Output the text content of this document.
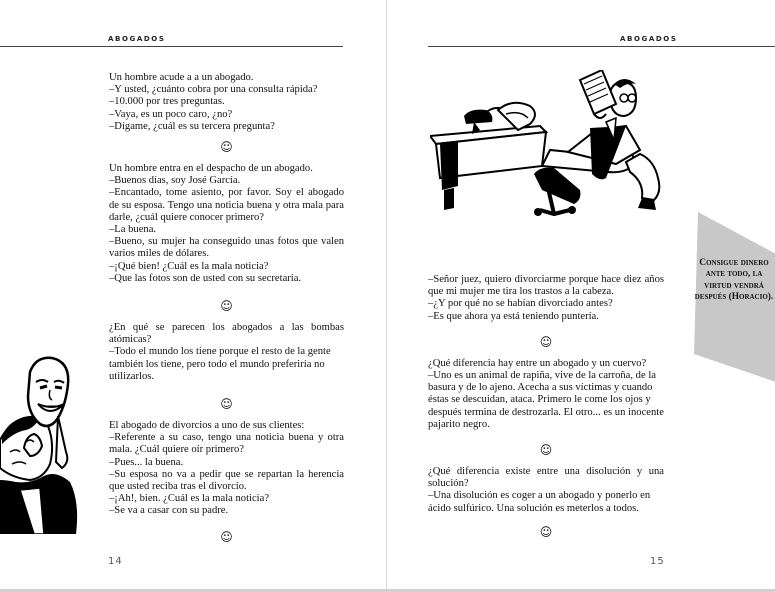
ABOGADOS

Un hombre acude a a un abogado.

–Y usted, ¿cuánto cobra por una consulta rápida?

–10.000 por tres preguntas.

–Vaya, es un poco caro, ¿no?

–Dígame, ¿cuál es su tercera pregunta?

☺

Un hombre entra en el despacho de un abogado.

–Buenos días, soy José García.

–Encantado, tome asiento, por favor. Soy el abogado de su esposa. Tengo una noticia buena y otra mala para darle, ¿cuál quiere conocer primero?

–La buena.

–Bueno, su mujer ha conseguido unas fotos que valen varios miles de dólares.

–¡Qué bien! ¿Cuál es la mala noticia?

–Que las fotos son de usted con su secretaria.

☺

¿En qué se parecen los abogados a las bombas atómicas?

–Todo el mundo los tiene porque el resto de la gente también los tiene, pero todo el mundo preferiría no utilizarlos.

☺

El abogado de divorcios a uno de sus clientes:

–Referente a su caso, tengo una noticia buena y otra mala. ¿Cuál quiere oír primero?

–Pues... la buena.

–Su esposa no va a pedir que se repartan la herencia que usted reciba tras el divorcio.

–¡Ah!, bien. ¿Cuál es la mala noticia?

–Se va a casar con su padre.

☺
14
ABOGADOS

–Señor juez, quiero divorciarme porque hace diez años que mi mujer me tira los trastos a la cabeza.

–¿Y por qué no se habían divorciado antes?

–Es que ahora ya está teniendo puntería.

☺

¿Qué diferencia hay entre un abogado y un cuervo?

–Uno es un animal de rapiña, vive de la carroña, de la basura y de lo ajeno. Acecha a sus víctimas y cuando éstas se descuidan, ataca. Primero le come los ojos y después termina de destrozarla. El otro... es un inocente pajarito negro.

☺

¿Qué diferencia existe entre una disolución y una solución?

–Una disolución es coger a un abogado y ponerlo en ácido sulfúrico. Una solución es meterlos a todos.

☺
15
Consigue dinero ante todo, la virtud vendrá después (Horacio).
